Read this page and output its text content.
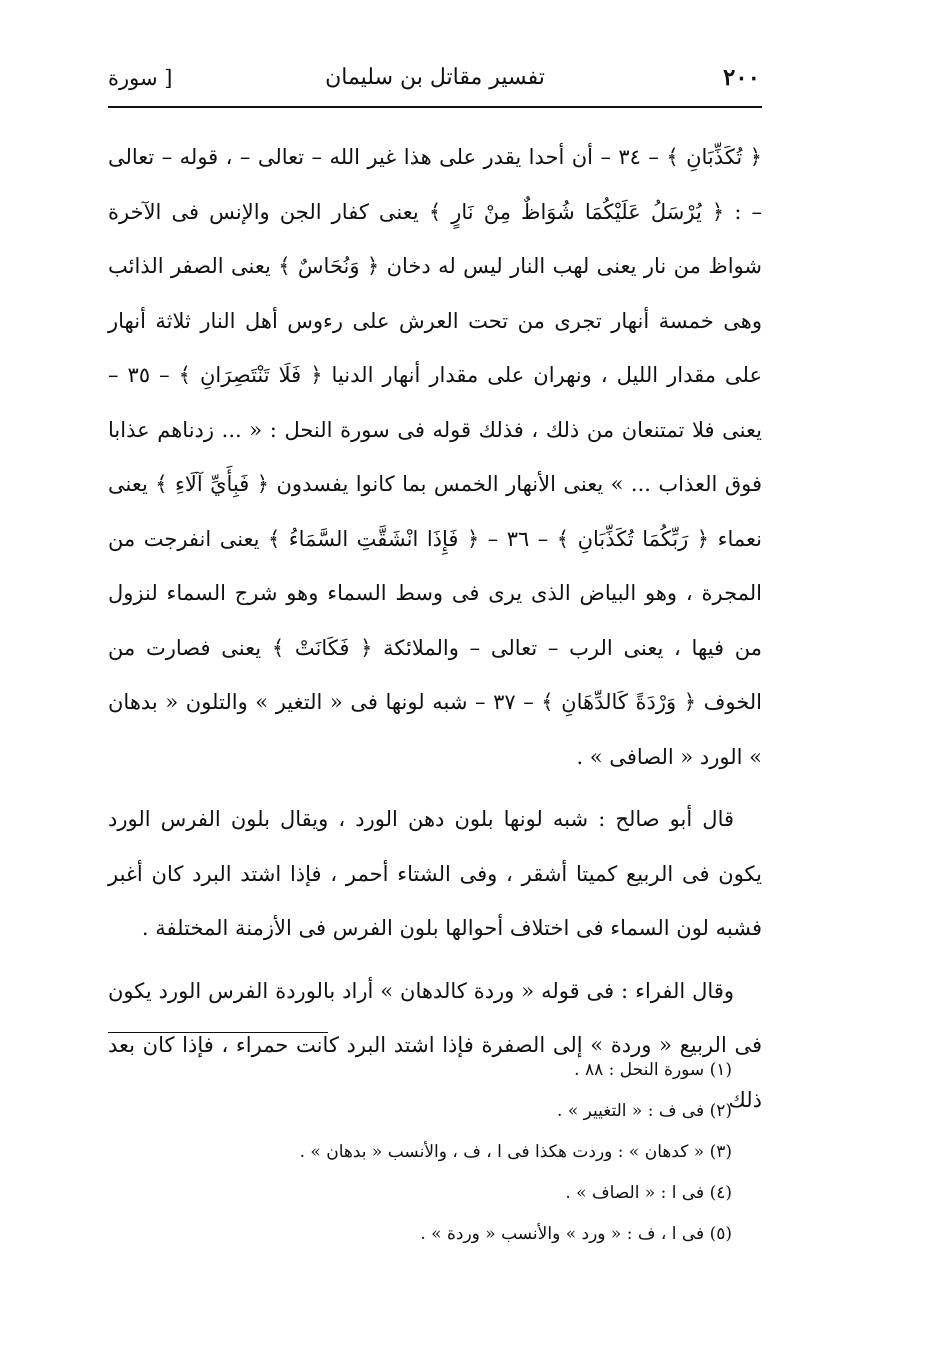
٢٠٠
تفسير مقاتل بن سليمان
[ سورة

﴿ تُكَذِّبَانِ ﴾ – ٣٤ – أن أحدا يقدر على هذا غير الله – تعالى – ، قوله – تعالى – : ﴿ يُرْسَلُ عَلَيْكُمَا شُوَاظٌ مِنْ نَارٍ ﴾ يعنى كفار الجن والإنس فى الآخرة شواظ من نار يعنى لهب النار ليس له دخان ﴿ وَنُحَاسٌ ﴾ يعنى الصفر الذائب وهى خمسة أنهار تجرى من تحت العرش على رءوس أهل النار ثلاثة أنهار على مقدار الليل ، ونهران على مقدار أنهار الدنيا ﴿ فَلَا تَنْتَصِرَانِ ﴾ – ٣٥ – يعنى فلا تمتنعان من ذلك ، فذلك قوله فى سورة النحل : « ... زدناهم عذابا فوق العذاب ... » يعنى الأنهار الخمس بما كانوا يفسدون ﴿ فَبِأَيِّ آلَاءِ ﴾ يعنى نعماء ﴿ رَبِّكُمَا تُكَذِّبَانِ ﴾ – ٣٦ – ﴿ فَإِذَا انْشَقَّتِ السَّمَاءُ ﴾ يعنى انفرجت من المجرة ، وهو البياض الذى يرى فى وسط السماء وهو شرج السماء لنزول من فيها ، يعنى الرب – تعالى – والملائكة ﴿ فَكَانَتْ ﴾ يعنى فصارت من الخوف ﴿ وَرْدَةً كَالدِّهَانِ ﴾ – ٣٧ – شبه لونها فى « التغير » والتلون « بدهان » الورد « الصافى » .

قال أبو صالح : شبه لونها بلون دهن الورد ، ويقال بلون الفرس الورد يكون فى الربيع كميتا أشقر ، وفى الشتاء أحمر ، فإذا اشتد البرد كان أغبر فشبه لون السماء فى اختلاف أحوالها بلون الفرس فى الأزمنة المختلفة .

وقال الفراء : فى قوله « وردة كالدهان » أراد بالوردة الفرس الورد يكون فى الربيع « وردة » إلى الصفرة فإذا اشتد البرد كانت حمراء ، فإذا كان بعد ذلك

(١) سورة النحل : ٨٨ .
(٢) فى ف : « التغيير » .
(٣) « كدهان » : وردت هكذا فى ا ، ف ، والأنسب « بدهان » .
(٤) فى ا : « الصاف » .
(٥) فى ا ، ف : « ورد » والأنسب « وردة » .
